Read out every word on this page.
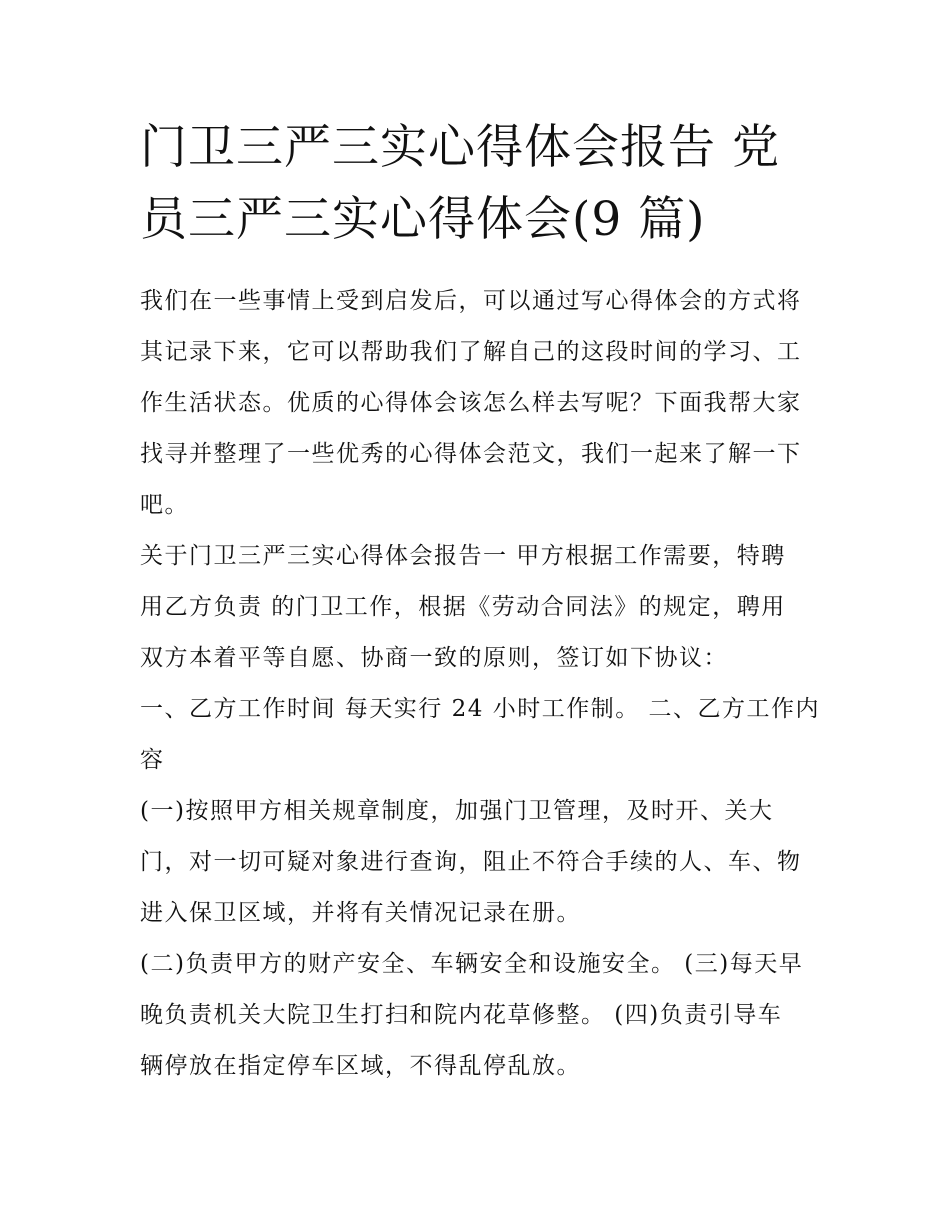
门卫三严三实心得体会报告 党
员三严三实心得体会(9 篇)

我们在一些事情上受到启发后，可以通过写心得体会的方式将
其记录下来，它可以帮助我们了解自己的这段时间的学习、工
作生活状态。优质的心得体会该怎么样去写呢？下面我帮大家
找寻并整理了一些优秀的心得体会范文，我们一起来了解一下
吧。

关于门卫三严三实心得体会报告一 甲方根据工作需要，特聘
用乙方负责 的门卫工作，根据《劳动合同法》的规定，聘用
双方本着平等自愿、协商一致的原则，签订如下协议：

一、乙方工作时间 每天实行 24 小时工作制。 二、乙方工作内
容

(一)按照甲方相关规章制度，加强门卫管理，及时开、关大
门，对一切可疑对象进行查询，阻止不符合手续的人、车、物
进入保卫区域，并将有关情况记录在册。

(二)负责甲方的财产安全、车辆安全和设施安全。 (三)每天早
晚负责机关大院卫生打扫和院内花草修整。 (四)负责引导车
辆停放在指定停车区域，不得乱停乱放。
